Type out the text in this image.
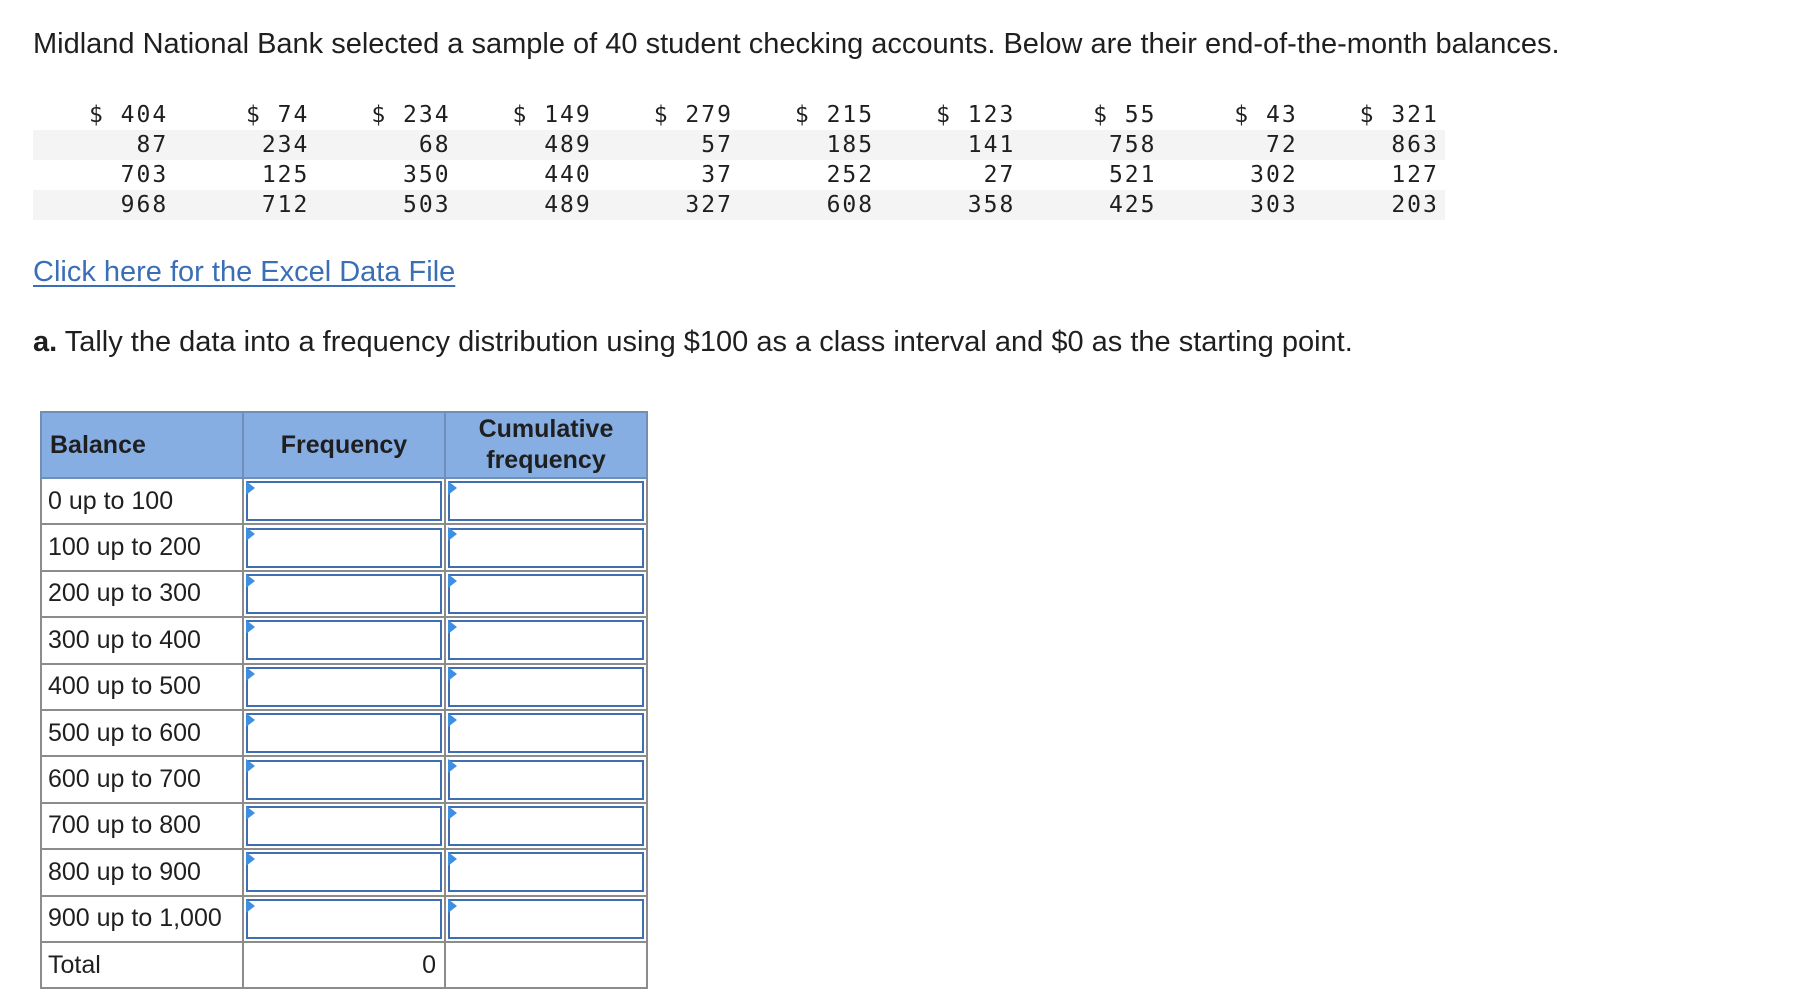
Midland National Bank selected a sample of 40 student checking accounts. Below are their end-of-the-month balances.
$ 404	$ 74	$ 234	$ 149	$ 279	$ 215	$ 123	$ 55	$ 43	$ 321
87	234	68	489	57	185	141	758	72	863
703	125	350	440	37	252	27	521	302	127
968	712	503	489	327	608	358	425	303	203
Click here for the Excel Data File
a. Tally the data into a frequency distribution using $100 as a class interval and $0 as the starting point.
Balance	Frequency	Cumulative frequency
0 up to 100	

100 up to 200	

200 up to 300	

300 up to 400	

400 up to 500	

500 up to 600	

600 up to 700	

700 up to 800	

800 up to 900	

900 up to 1,000	

Total	0	
